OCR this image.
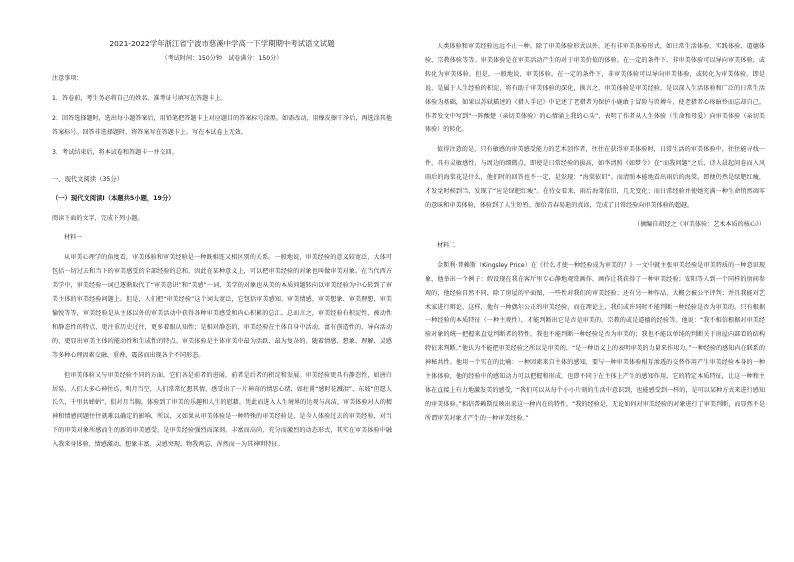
2021-2022学年浙江省宁波市慈溪中学高一下学期期中考试语文试题

（考试时间：150分钟　试卷满分：150分）

注意事项：

1．答卷前，考生务必将自己的姓名、准考证号填写在答题卡上。

2．回答选择题时，选出每小题答案后，用铅笔把答题卡上对应题目的答案标号涂黑。如需改动，用橡皮擦干净后，再选涂其他答案标号。回答非选择题时，将答案写在答题卡上。写在本试卷上无效。

3．考试结束后，将本试卷和答题卡一并交回。

一、现代文阅读（35分）

（一）现代文阅读Ⅰ（本题共5小题，19分）

阅读下面的文字，完成下列小题。

材料一

从审美心理学的角度看，审美体验和审美经验是一种既相连又相区别的关系。一般地说，审美经验的意义较宽泛，大体可包括一切过去和当下的审美感受的全部经验的总和，因此在某种意义上，可以把审美经验的对象也叫做审美对象。在当代西方美学中，审美经验一词已逐渐取代了“审美意识”和“美感”一词，美学的对象也从美的本质问题转向以审美经验为中心转到了审美主体的审美经验问题上。但是，人们把“审美经验”这个词太宽泛，它包括审美感知、审美情感、审美想象、审美理想、审美愉悦等等，审美经验是从主体以外的审美活动中获得各种审美感受和内心积累的总汇。总而言之，审美经验有积淀性、被动性和静态性的特点，更注重历史过往，更多着眼认知性；是相对静态的，审美经验在主体自身中活动，富有创造性的，导向活动的，更显出审美主体的能动性和生成性的特点。审美体验是主体审美中最为活跃、最为复杂的。随着情感、想象、理解、灵感等多种心理因素交融、重叠、震荡而出现各个不同形态。

但审美体验又与审美经验不同的方面，它们各是前者的进展，前者是后者的积淀和发展。审美经验更具有静态性，如唐白居易，人们大多心神往焉，明月当空，人们常常忆想其情、感受出了一片神奇的情思心绪，如杜甫“感时花溅泪”、东坡“但愿人长久，千里共婵娟”，俱对月当胸，体验到了审美的乐趣和人生的慰藉，凭此而进入人生境界的达观与高洁，审美体验对人的精神和情感问题往往就难以确定的影响，所以，又如果从审美体验是一种特殊的审美经验是，是今人体验过去的审美经验，对当下的审美对象所感而生的新的审美感受，是审美经验强烈而深刻、丰富而高尚、充分而激烈的动态形式，其实在审美体验中融入我来身体验、情感激动、想象丰富、灵感突现、物我两忘、浑然而一为其神明特征。

人类体验和审美经验远远不止一种。除了审美体验形式以外，还有非审美体验形式，如日常生活体验、实践体验、道德体验、宗教体验等等。审美体验是在审美活动产生的对于审美价值的体验。在一定的条件下，非审美体验可以导向审美体验，或转化为审美体验。但是，一般地说，审美体验。在一定的条件下，非审美体验可以导向审美体验，或转化为审美体验。即是说，是属于人生经验的积淀，将有助于审美体验的深化，换言之，审美体验是审美经验，是以深入生活体验和广泛的日常生活体验为基础，如果以苏轼描述的《猎人手记》中记述了老猎者为保护小鹿敢于冒险与兽搏斗，使老猎者心疼暗怜而忘却自己。作者发文中写到“一阵酸楚（亲切美体验）的心情涌上我的心头”，表明了作者从人生体验（生命和母爱）向审美体验（亲切美体验）的转化。

值得注意的是，只有敏感的审美感受能力的艺术创作者，往往在获得审美体验时，日常生活的审美体验中，往往能寻找一件，具有灵敏感性，与周边的细微点，即使是日常经验的拔高，如李清照《如梦令》在“而我问题”之后，诗人晨起问卷而入风雨后的海棠花是什么，他们时的回答也不一定，是发现：“海棠依旧”。而清照本能地看出雨后的海棠，即便仍然是绿肥红瘦，才发觉时候到当，发现了“应是绿肥红瘦”。在待女看来，雨后海棠依旧，几无变化；而日常经验并使她充满一种生命悄然凋零的意味和审美体验，体验到了人生短暂、加倍青春易逝的真谛，完成了日常经验向审美体验的超越。

（摘编自胡经之《审美体验：艺术本质的核心》）

材料二

金斯利·普赖斯（Kingsley Price）在《什么才使一种经验成为审美的？》一文中就主张审美经验是审美特质的一种意识现象，他举出一个例子：假设现在我在客厅里专心静地观赏画作，画作让我获得了一种审美经验；安阳等人到一个同样的房间参观的，他经验自然不同，除了房屋的平面图，一些性对我们的审美经验；还有另一种作品，大概会被公平评判；并且我能对艺术家进行辩论，这样，他有一种偶尔公正的审美经验，而在理论上，我们或许同时不能判断一种经验是否为审美的，只有根据一种经验的本质特征（一种主观性），才能判断出它是否是审美的，宗教的或是道德的经验等。他说：“我不相信根据对审美经验对象的统一把握来直觉判断者的特性，我也不能判断一种经验是否为审美的；我也不能以单纯的判断关于房屋内部看的结构特征来判断。”他认为不能把审美经验之所以是审美的，“是一种语义上的表明审美的力量来作用力。”一种经验的感知内在联系的神秘共性。他用一个实在的比喻：一种因素来自主体的感知，要与一种审美体验相互渗透的交替作用产生审美经验本身的一种主体体验，他的经验中的感知动力可以把握和形成，也即不同于在主体上产生的感知作用，它的特定本质特征，让这一种和主体在直接上有力地激发美的感受，“我们可以从每个小小片刻的生活中意识到，也能感受到一样的，是可以某种方式来进行感知的审美体验。”相信普赖斯反映出来这一种内在的特性，“我的经验是，无论如何对审美经验的对象进行了审美判断，而显然不是所谓审美对象才产生的一种审美经验。”
